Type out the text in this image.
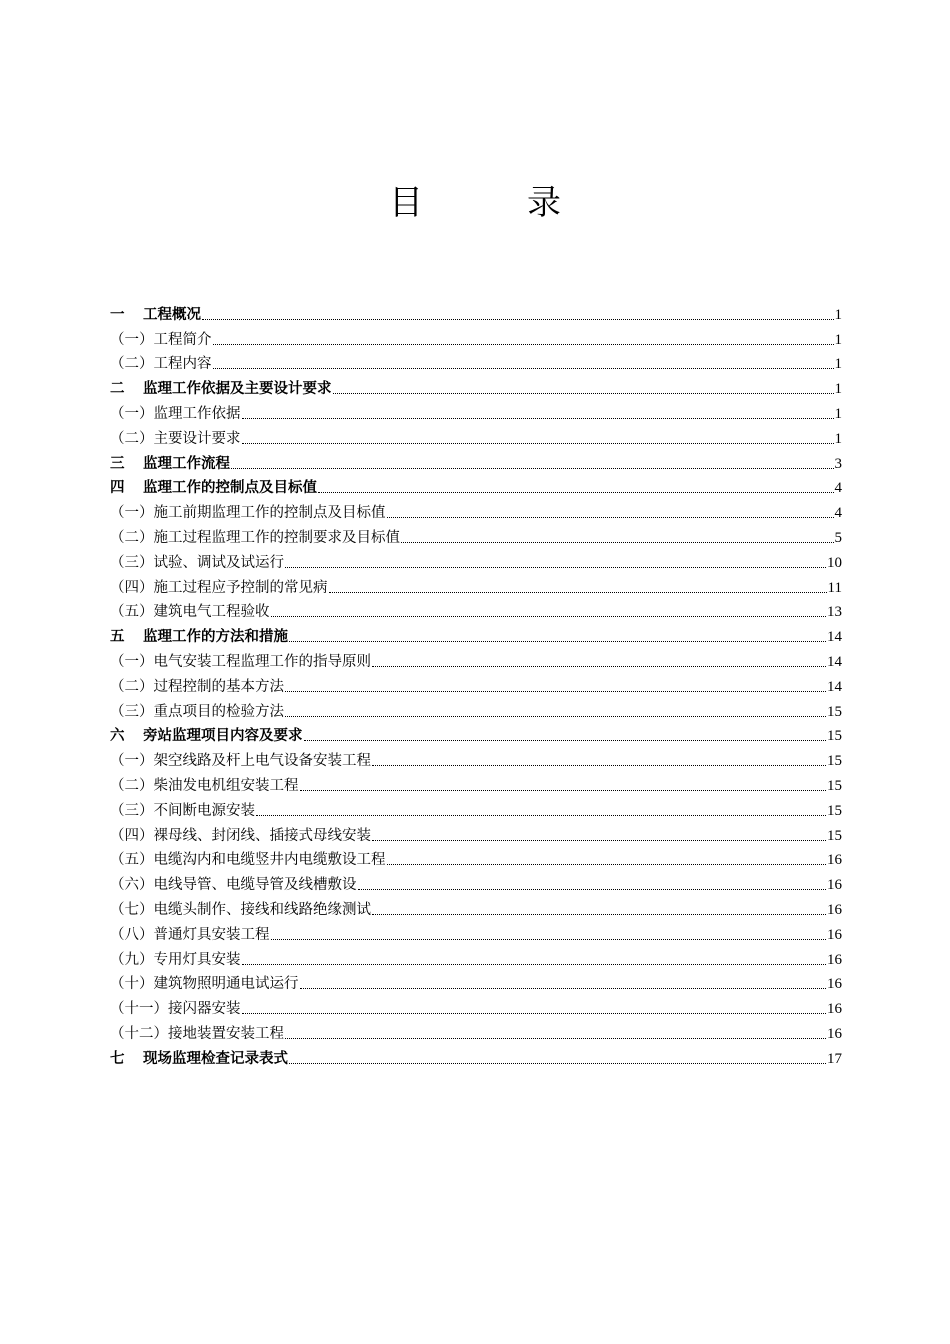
目	录
一 工程概况	1
（一）工程简介	1
（二）工程内容	1
二 监理工作依据及主要设计要求	1
（一）监理工作依据	1
（二）主要设计要求	1
三 监理工作流程	3
四 监理工作的控制点及目标值	4
（一）施工前期监理工作的控制点及目标值	4
（二）施工过程监理工作的控制要求及目标值	5
（三）试验、调试及试运行	10
（四）施工过程应予控制的常见病	11
（五）建筑电气工程验收	13
五 监理工作的方法和措施	14
（一）电气安装工程监理工作的指导原则	14
（二）过程控制的基本方法	14
（三）重点项目的检验方法	15
六 旁站监理项目内容及要求	15
（一）架空线路及杆上电气设备安装工程	15
（二）柴油发电机组安装工程	15
（三）不间断电源安装	15
（四）裸母线、封闭线、插接式母线安装	15
（五）电缆沟内和电缆竖井内电缆敷设工程	16
（六）电线导管、电缆导管及线槽敷设	16
（七）电缆头制作、接线和线路绝缘测试	16
（八）普通灯具安装工程	16
（九）专用灯具安装	16
（十）建筑物照明通电试运行	16
（十一）接闪器安装	16
（十二）接地装置安装工程	16
七 现场监理检查记录表式	17
